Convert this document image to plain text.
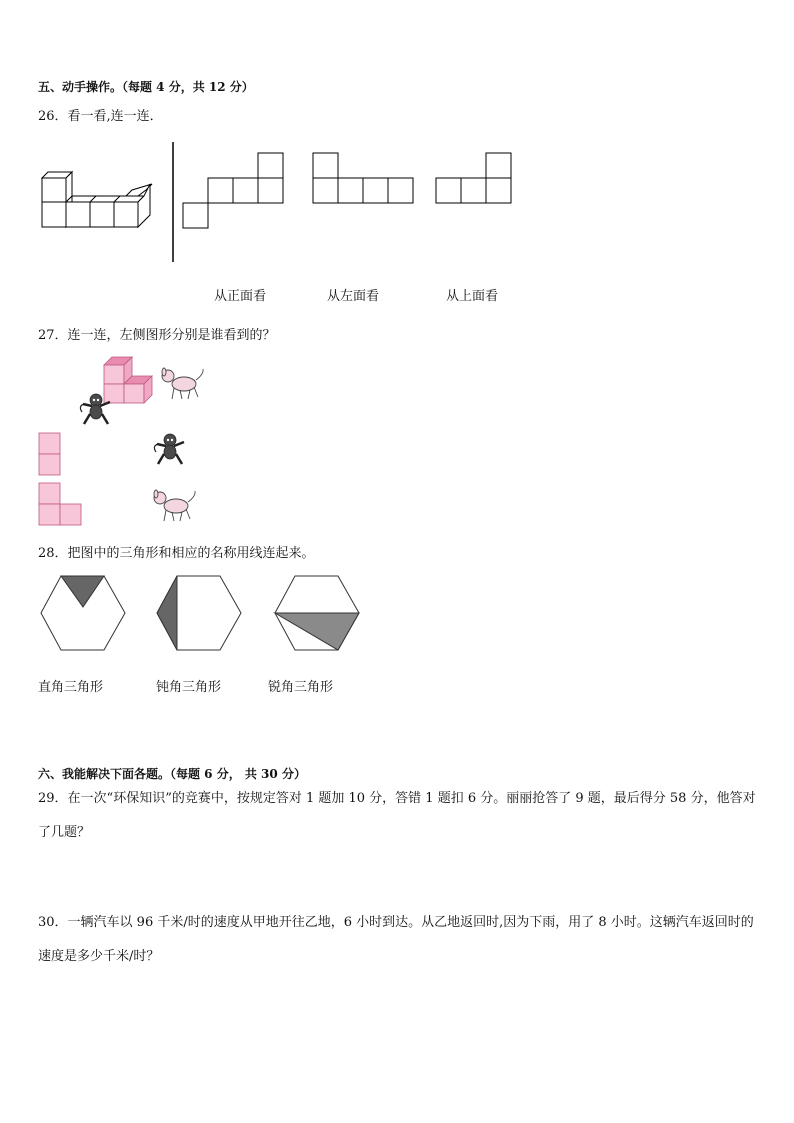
五、动手操作。（每题 4 分，共 12 分）
26．看一看,连一连．
从正面看	从左面看	从上面看
27．连一连，左侧图形分别是谁看到的？
28．把图中的三角形和相应的名称用线连起来。
直角三角形	钝角三角形	锐角三角形
六、我能解决下面各题。（每题 6 分， 共 30 分）
29．在一次“环保知识”的竞赛中，按规定答对 1 题加 10 分，答错 1 题扣 6 分。丽丽抢答了 9 题，最后得分 58 分，他答对了几题？
30．一辆汽车以 96 千米/时的速度从甲地开往乙地，6 小时到达。从乙地返回时,因为下雨，用了 8 小时。这辆汽车返回时的速度是多少千米/时？
